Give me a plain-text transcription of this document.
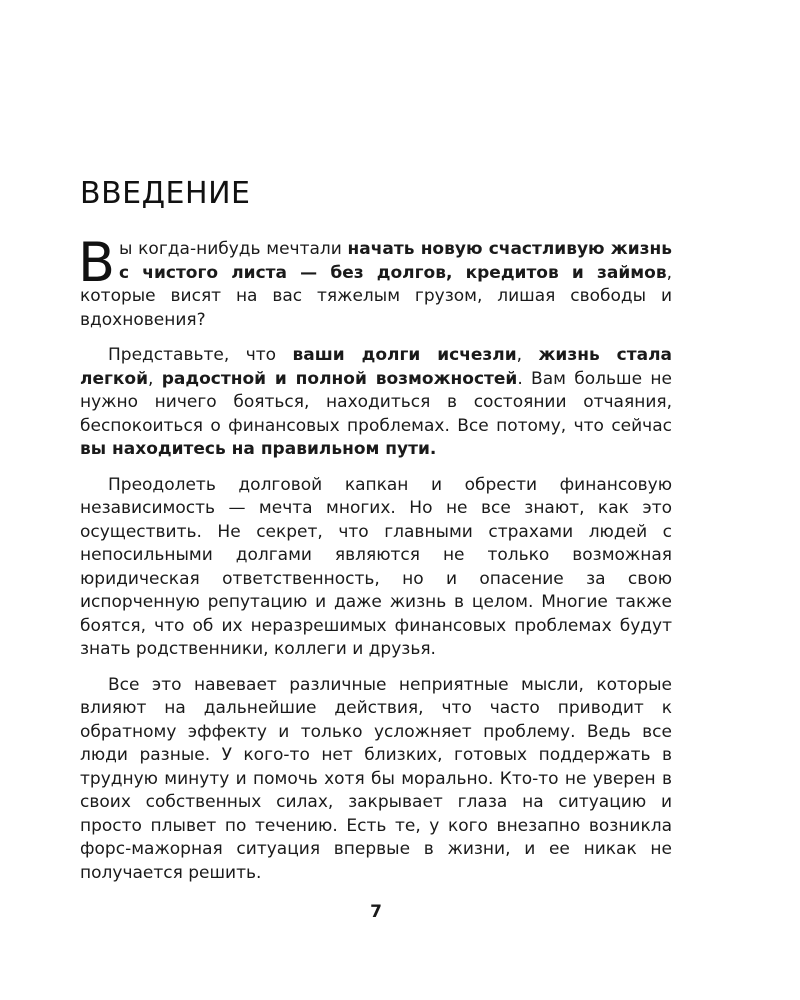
ВВЕДЕНИЕ

Вы когда-нибудь мечтали начать новую счастливую жизнь с чистого листа — без долгов, кредитов и займов, которые висят на вас тяжелым грузом, лишая свободы и вдохновения?

Представьте, что ваши долги исчезли, жизнь стала легкой, радостной и полной возможностей. Вам больше не нужно ничего бояться, находиться в состоянии отчаяния, беспокоиться о финансовых проблемах. Все потому, что сейчас вы находитесь на правильном пути.

Преодолеть долговой капкан и обрести финансовую независимость — мечта многих. Но не все знают, как это осуществить. Не секрет, что главными страхами людей с непосильными долгами являются не только возможная юридическая ответственность, но и опасение за свою испорченную репутацию и даже жизнь в целом. Многие также боятся, что об их неразрешимых финансовых проблемах будут знать родственники, коллеги и друзья.

Все это навевает различные неприятные мысли, которые влияют на дальнейшие действия, что часто приводит к обратному эффекту и только усложняет проблему. Ведь все люди разные. У кого-то нет близких, готовых поддержать в трудную минуту и помочь хотя бы морально. Кто-то не уверен в своих собственных силах, закрывает глаза на ситуацию и просто плывет по течению. Есть те, у кого внезапно возникла форс-мажорная ситуация впервые в жизни, и ее никак не получается решить.

7
